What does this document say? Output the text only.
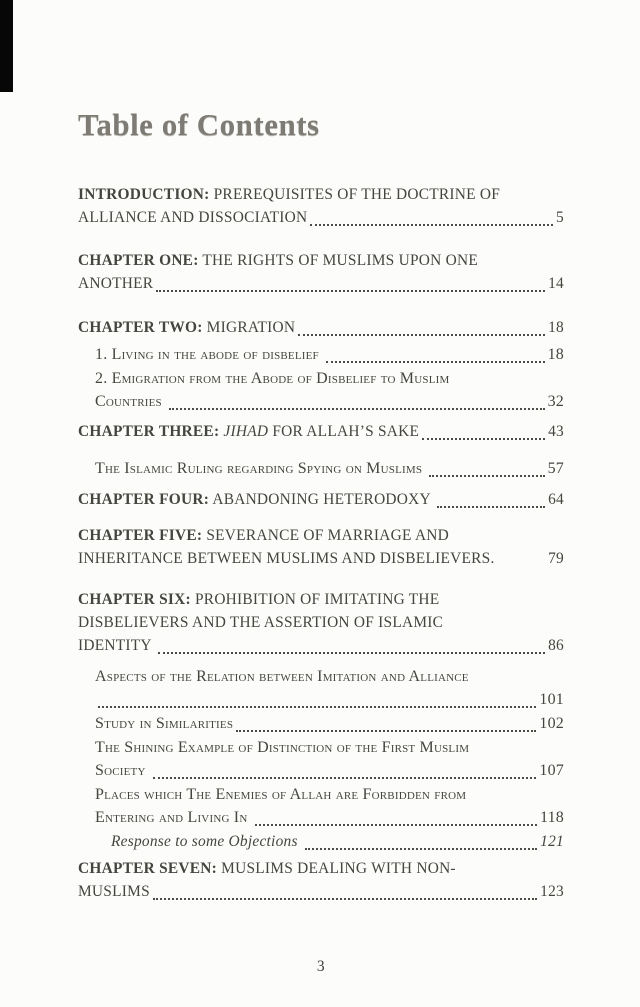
Table of Contents
INTRODUCTION: PREREQUISITES OF THE DOCTRINE OF
ALLIANCE AND DISSOCIATION	5
CHAPTER ONE: THE RIGHTS OF MUSLIMS UPON ONE
ANOTHER	14
CHAPTER TWO: MIGRATION	18
1. Living in the abode of disbelief	18
2. Emigration from the Abode of Disbelief to Muslim
Countries	32
CHAPTER THREE: JIHAD FOR ALLAH’S SAKE	43
The Islamic Ruling regarding Spying on Muslims	57
CHAPTER FOUR: ABANDONING HETERODOXY	64
CHAPTER FIVE: SEVERANCE OF MARRIAGE AND
INHERITANCE BETWEEN MUSLIMS AND DISBELIEVERS.	79
CHAPTER SIX: PROHIBITION OF IMITATING THE
DISBELIEVERS AND THE ASSERTION OF ISLAMIC
IDENTITY	86
Aspects of the Relation between Imitation and Alliance
101
Study in Similarities	102
The Shining Example of Distinction of the First Muslim
Society	107
Places which The Enemies of Allah are Forbidden from
Entering and Living In	118
Response to some Objections	121
CHAPTER SEVEN: MUSLIMS DEALING WITH NON-
MUSLIMS	123
3
